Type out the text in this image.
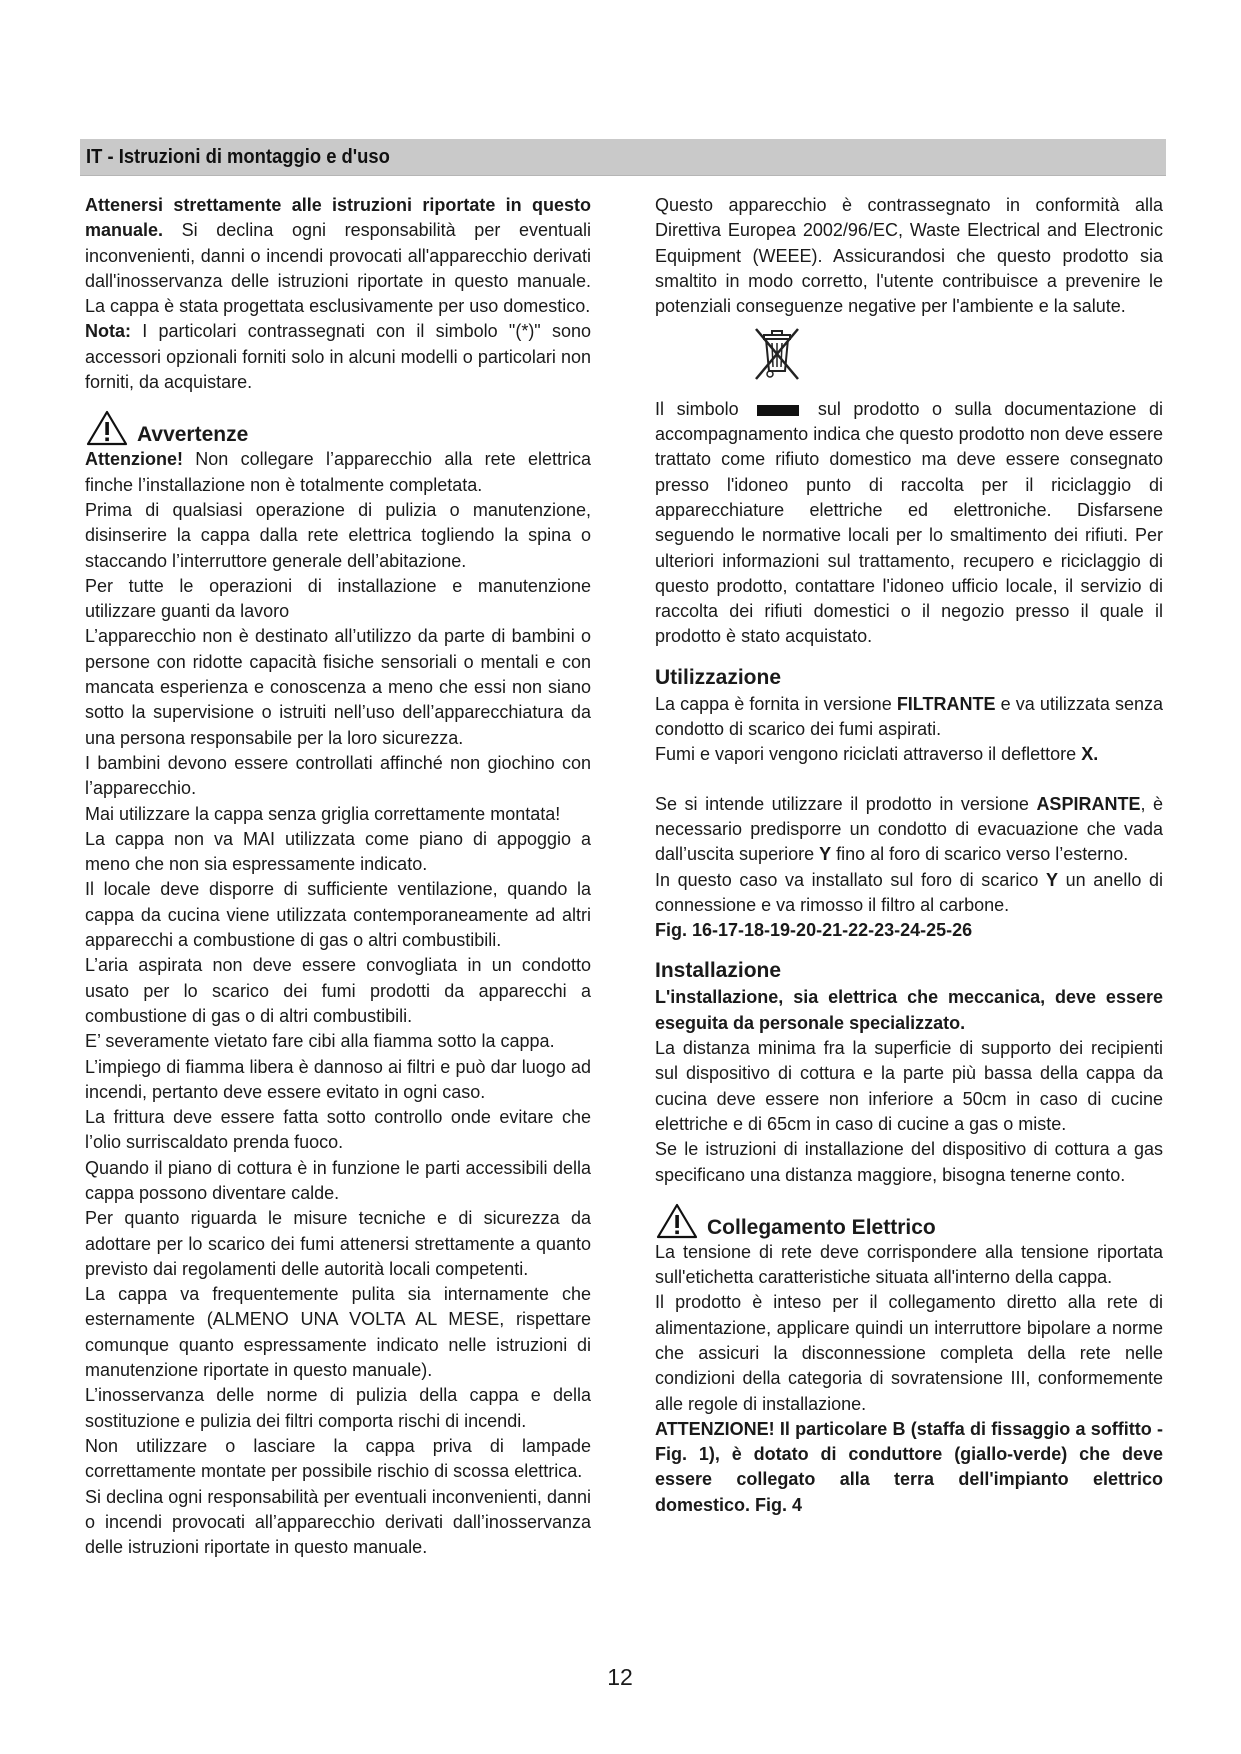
IT - Istruzioni di montaggio e d'uso

Attenersi strettamente alle istruzioni riportate in questo manuale. Si declina ogni responsabilità per eventuali inconvenienti, danni o incendi provocati all'apparecchio derivati dall'inosservanza delle istruzioni riportate in questo manuale. La cappa è stata progettata esclusivamente per uso domestico.

Nota: I particolari contrassegnati con il simbolo "(*)" sono accessori opzionali forniti solo in alcuni modelli o particolari non forniti, da acquistare.

Avvertenze

Attenzione! Non collegare l’apparecchio alla rete elettrica finche l’installazione non è totalmente completata.

Prima di qualsiasi operazione di pulizia o manutenzione, disinserire la cappa dalla rete elettrica togliendo la spina o staccando l’interruttore generale dell’abitazione.

Per tutte le operazioni di installazione e manutenzione utilizzare guanti da lavoro

L’apparecchio non è destinato all’utilizzo da parte di bambini o persone con ridotte capacità fisiche sensoriali o mentali e con mancata esperienza e conoscenza a meno che essi non siano sotto la supervisione o istruiti nell’uso dell’apparecchiatura da una persona responsabile per la loro sicurezza.

I bambini devono essere controllati affinché non giochino con l’apparecchio.

Mai utilizzare la cappa senza griglia correttamente montata!

La cappa non va MAI utilizzata come piano di appoggio a meno che non sia espressamente indicato.

Il locale deve disporre di sufficiente ventilazione, quando la cappa da cucina viene utilizzata contemporaneamente ad altri apparecchi a combustione di gas o altri combustibili.

L’aria aspirata non deve essere convogliata in un condotto usato per lo scarico dei fumi prodotti da apparecchi a combustione di gas o di altri combustibili.

E’ severamente vietato fare cibi alla fiamma sotto la cappa.

L’impiego di fiamma libera è dannoso ai filtri e può dar luogo ad incendi, pertanto deve essere evitato in ogni caso.

La frittura deve essere fatta sotto controllo onde evitare che l’olio surriscaldato prenda fuoco.

Quando il piano di cottura è in funzione le parti accessibili della cappa possono diventare calde.

Per quanto riguarda le misure tecniche e di sicurezza da adottare per lo scarico dei fumi attenersi strettamente a quanto previsto dai regolamenti delle autorità locali competenti.

La cappa va frequentemente pulita sia internamente che esternamente (ALMENO UNA VOLTA AL MESE, rispettare comunque quanto espressamente indicato nelle istruzioni di manutenzione riportate in questo manuale).

L’inosservanza delle norme di pulizia della cappa e della sostituzione e pulizia dei filtri comporta rischi di incendi.

Non utilizzare o lasciare la cappa priva di lampade correttamente montate per possibile rischio di scossa elettrica.

Si declina ogni responsabilità per eventuali inconvenienti, danni o incendi provocati all’apparecchio derivati dall’inosservanza delle istruzioni riportate in questo manuale.

Questo apparecchio è contrassegnato in conformità alla Direttiva Europea 2002/96/EC, Waste Electrical and Electronic Equipment (WEEE). Assicurandosi che questo prodotto sia smaltito in modo corretto, l'utente contribuisce a prevenire le potenziali conseguenze negative per l'ambiente e la salute.

Il simbolo	sul prodotto o sulla documentazione di accompagnamento indica che questo prodotto non deve essere trattato come rifiuto domestico ma deve essere consegnato presso l'idoneo punto di raccolta per il riciclaggio di apparecchiature elettriche ed elettroniche. Disfarsene seguendo le normative locali per lo smaltimento dei rifiuti. Per ulteriori informazioni sul trattamento, recupero e riciclaggio di questo prodotto, contattare l'idoneo ufficio locale, il servizio di raccolta dei rifiuti domestici o il negozio presso il quale il prodotto è stato acquistato.

Utilizzazione

La cappa è fornita in versione FILTRANTE e va utilizzata senza condotto di scarico dei fumi aspirati.

Fumi e vapori vengono riciclati attraverso il deflettore X.

Se si intende utilizzare il prodotto in versione ASPIRANTE, è necessario predisporre un condotto di evacuazione che vada dall’uscita superiore Y fino al foro di scarico verso l’esterno.

In questo caso va installato sul foro di scarico Y un anello di connessione e va rimosso il filtro al carbone.

Fig. 16-17-18-19-20-21-22-23-24-25-26

Installazione

L'installazione, sia elettrica che meccanica, deve essere eseguita da personale specializzato.

La distanza minima fra la superficie di supporto dei recipienti sul dispositivo di cottura e la parte più bassa della cappa da cucina deve essere non inferiore a 50cm in caso di cucine elettriche e di 65cm in caso di cucine a gas o miste.

Se le istruzioni di installazione del dispositivo di cottura a gas specificano una distanza maggiore, bisogna tenerne conto.

Collegamento Elettrico

La tensione di rete deve corrispondere alla tensione riportata sull'etichetta caratteristiche situata all'interno della cappa.

Il prodotto è inteso per il collegamento diretto alla rete di alimentazione, applicare quindi un interruttore bipolare a norme che assicuri la disconnessione completa della rete nelle condizioni della categoria di sovratensione III, conformemente alle regole di installazione.

ATTENZIONE! Il particolare B (staffa di fissaggio a soffitto - Fig. 1), è dotato di conduttore (giallo-verde) che deve essere collegato alla terra dell'impianto elettrico domestico. Fig. 4

12
